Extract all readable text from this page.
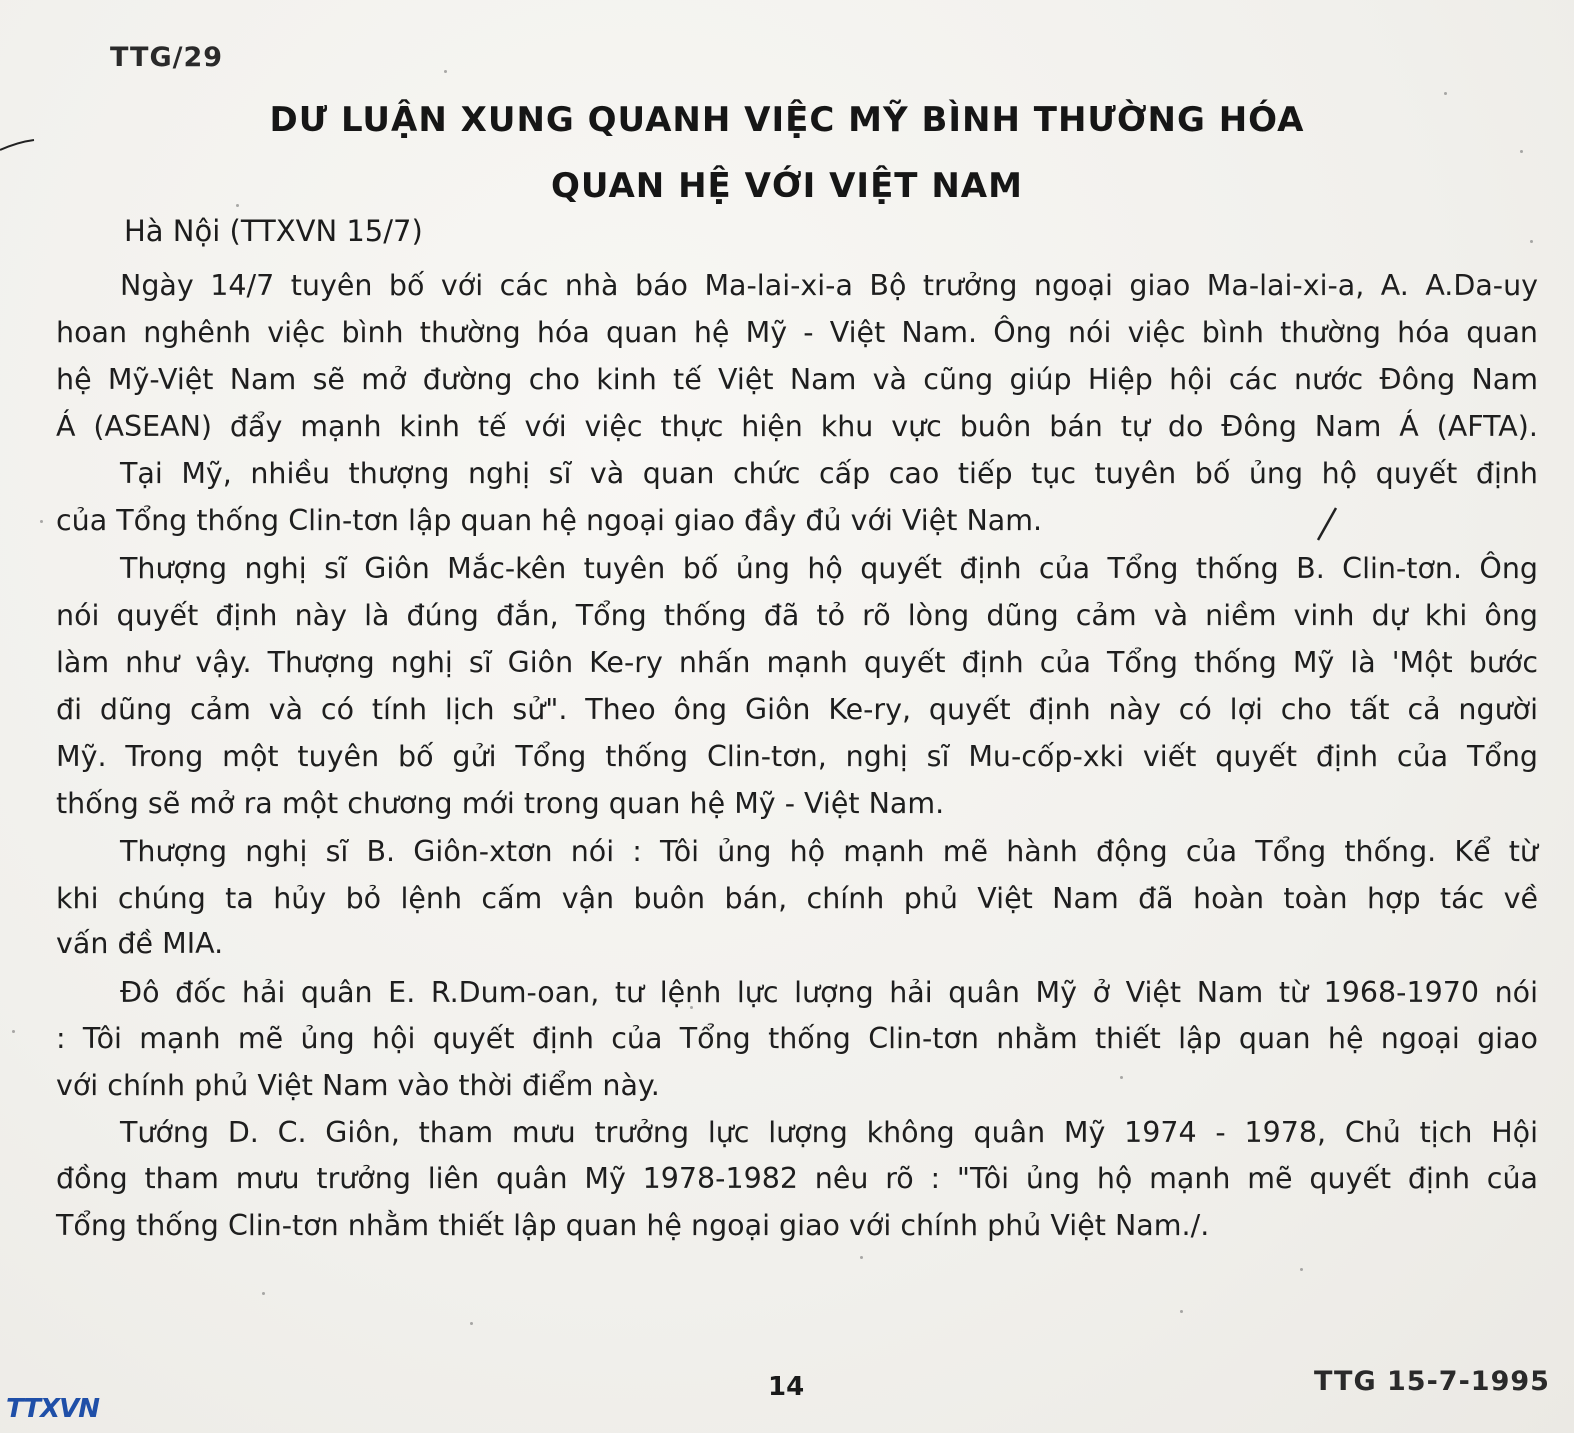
TTG/29
DƯ LUẬN XUNG QUANH VIỆC MỸ BÌNH THƯỜNG HÓA
QUAN HỆ VỚI VIỆT NAM
Hà Nội (TTXVN 15/7)
Ngày 14/7 tuyên bố với các nhà báo Ma-lai-xi-a Bộ trưởng ngoại giao Ma-lai-xi-a, A. A.Da-uy
hoan nghênh việc bình thường hóa quan hệ Mỹ - Việt Nam. Ông nói việc bình thường hóa quan
hệ Mỹ-Việt Nam sẽ mở đường cho kinh tế Việt Nam và cũng giúp Hiệp hội các nước Đông Nam
Á (ASEAN) đẩy mạnh kinh tế với việc thực hiện khu vực buôn bán tự do Đông Nam Á (AFTA).
Tại Mỹ, nhiều thượng nghị sĩ và quan chức cấp cao tiếp tục tuyên bố ủng hộ quyết định
của Tổng thống Clin-tơn lập quan hệ ngoại giao đầy đủ với Việt Nam.
Thượng nghị sĩ Giôn Mắc-kên tuyên bố ủng hộ quyết định của Tổng thống B. Clin-tơn. Ông
nói quyết định này là đúng đắn, Tổng thống đã tỏ rõ lòng dũng cảm và niềm vinh dự khi ông
làm như vậy. Thượng nghị sĩ Giôn Ke-ry nhấn mạnh quyết định của Tổng thống Mỹ là 'Một bước
đi dũng cảm và có tính lịch sử". Theo ông Giôn Ke-ry, quyết định này có lợi cho tất cả người
Mỹ. Trong một tuyên bố gửi Tổng thống Clin-tơn, nghị sĩ Mu-cốp-xki viết quyết định của Tổng
thống sẽ mở ra một chương mới trong quan hệ Mỹ - Việt Nam.
Thượng nghị sĩ B. Giôn-xtơn nói : Tôi ủng hộ mạnh mẽ hành động của Tổng thống. Kể từ
khi chúng ta hủy bỏ lệnh cấm vận buôn bán, chính phủ Việt Nam đã hoàn toàn hợp tác về
vấn đề MIA.
Đô đốc hải quân E. R.Dum-oan, tư lệnh lực lượng hải quân Mỹ ở Việt Nam từ 1968-1970 nói
: Tôi mạnh mẽ ủng hội quyết định của Tổng thống Clin-tơn nhằm thiết lập quan hệ ngoại giao
với chính phủ Việt Nam vào thời điểm này.
Tướng D. C. Giôn, tham mưu trưởng lực lượng không quân Mỹ 1974 - 1978, Chủ tịch Hội
đồng tham mưu trưởng liên quân Mỹ 1978-1982 nêu rõ : "Tôi ủng hộ mạnh mẽ quyết định của
Tổng thống Clin-tơn nhằm thiết lập quan hệ ngoại giao với chính phủ Việt Nam./.
14	TTG 15-7-1995
TTXVN
